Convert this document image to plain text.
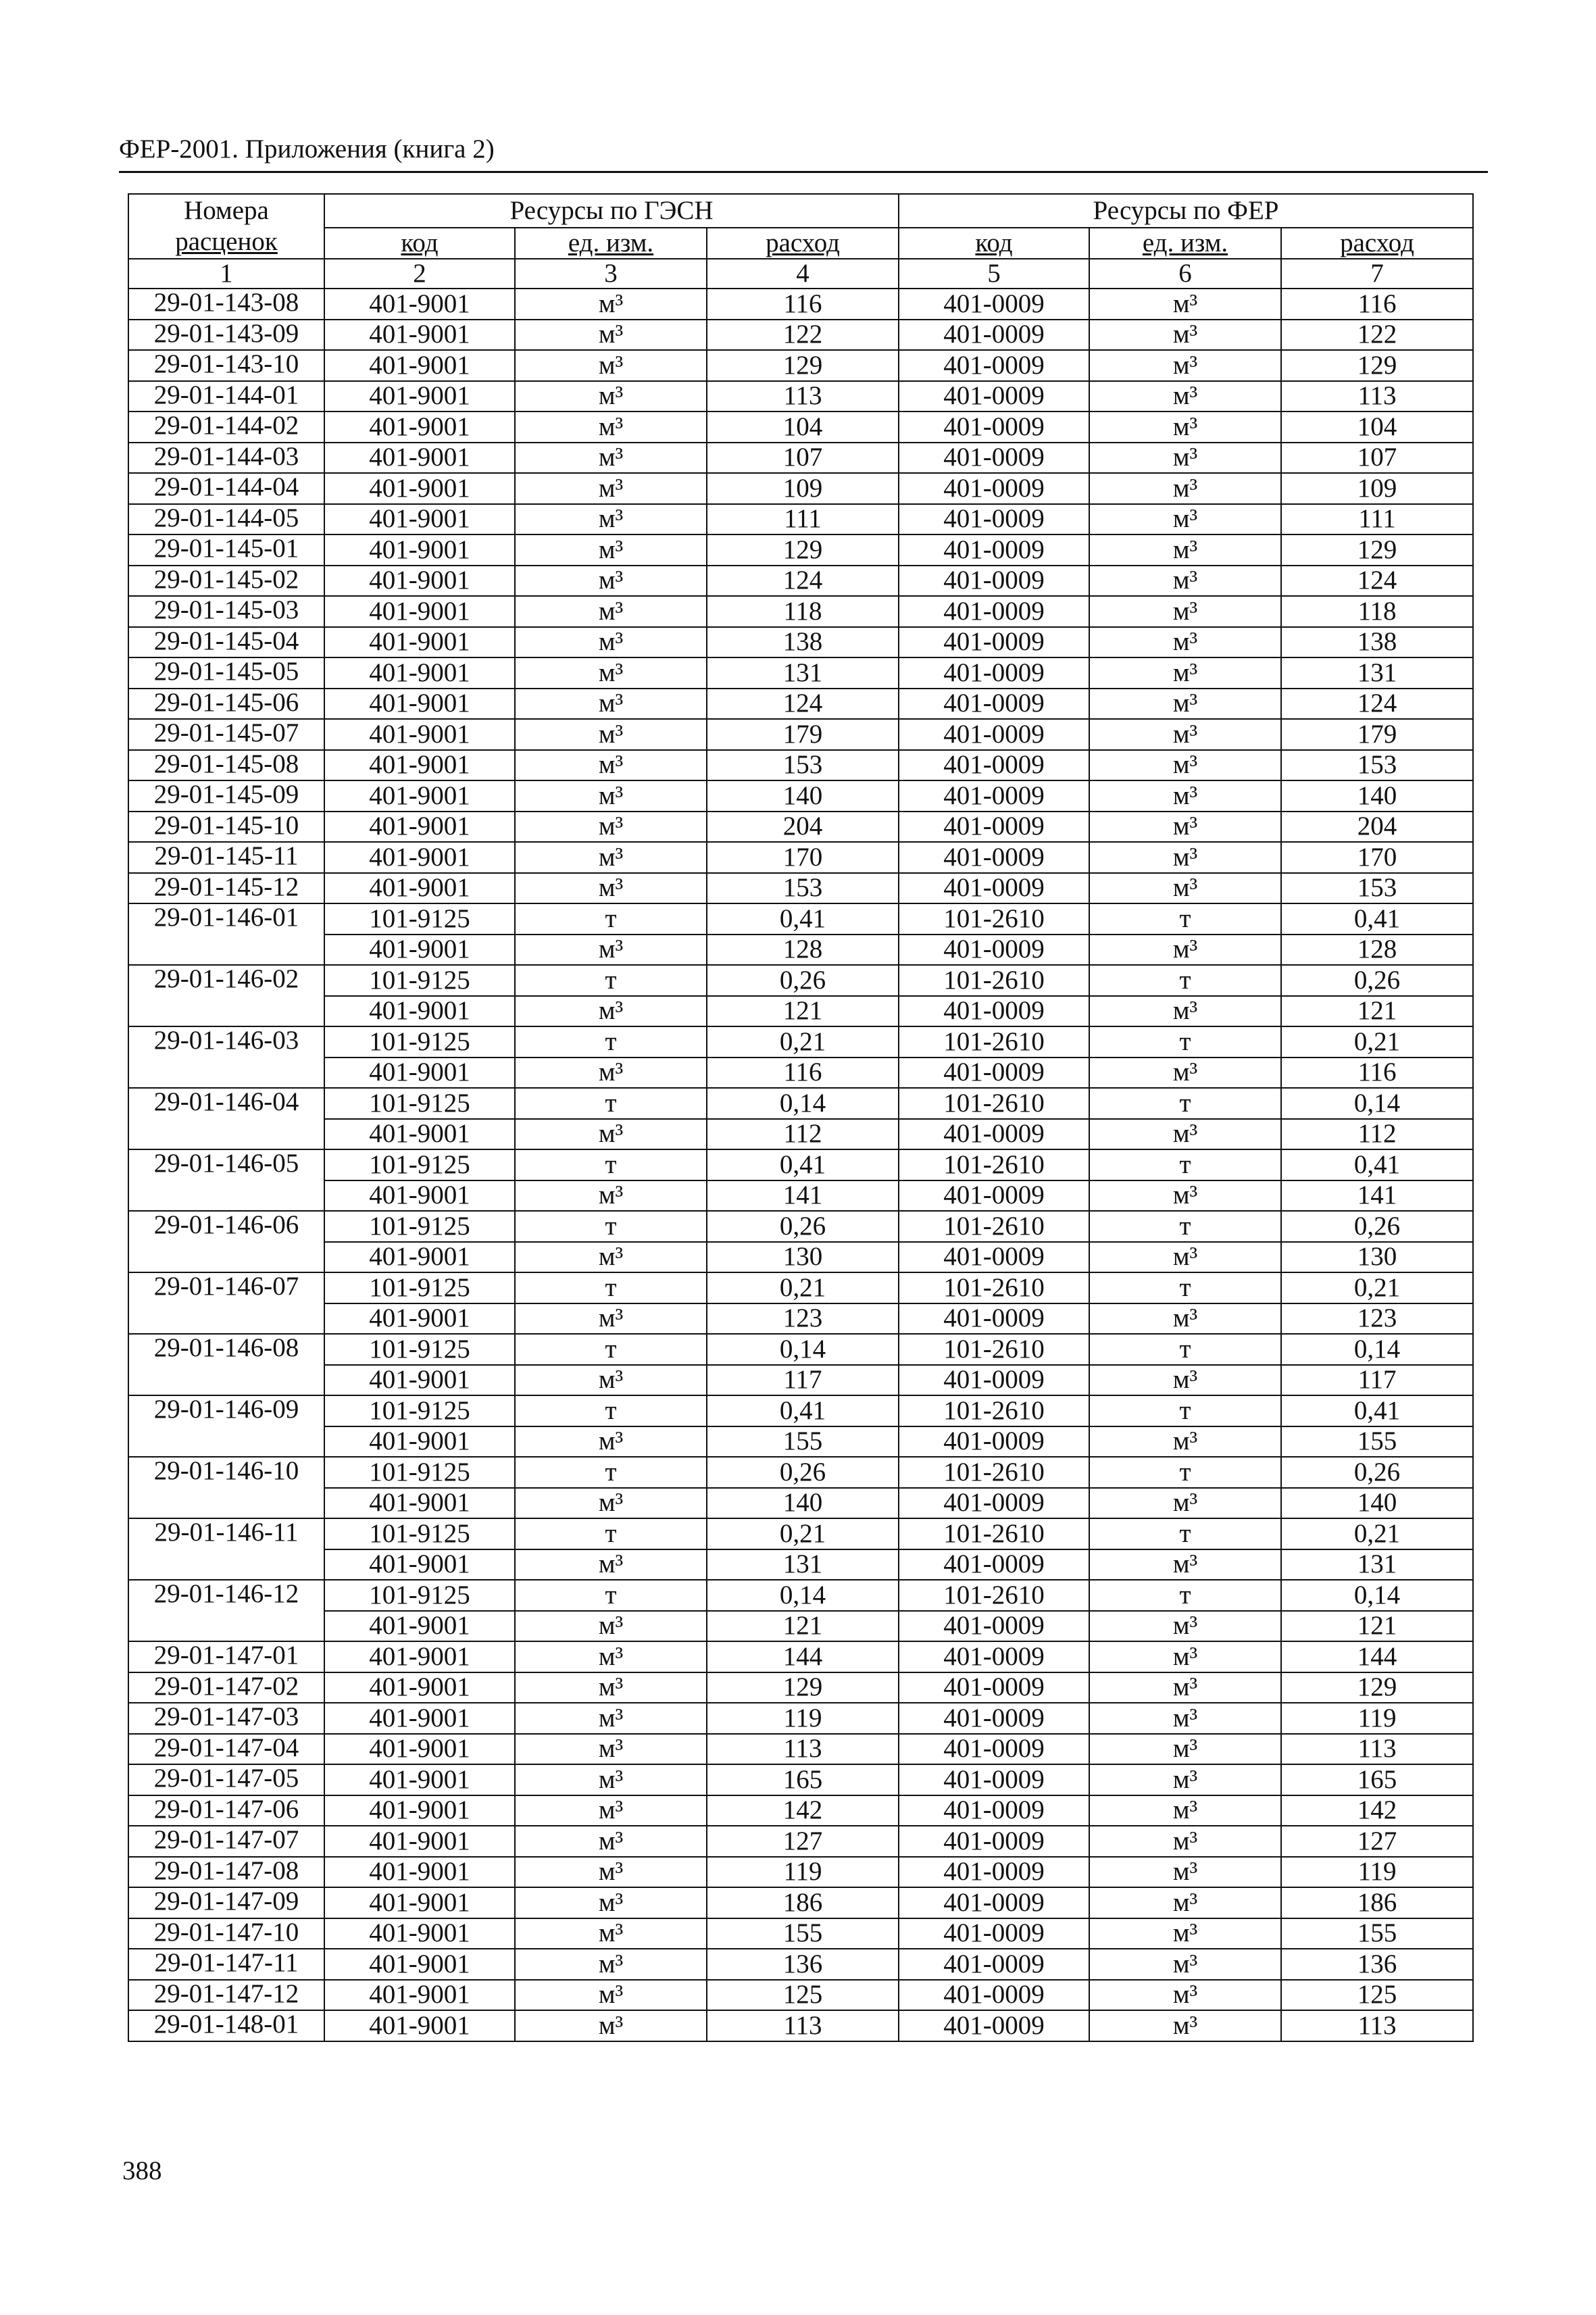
ФЕР-2001. Приложения (книга 2)
Номера
расценок	Ресурсы по ГЭСН			Ресурсы по ФЕР		
	код	ед. изм.	расход	код	ед. изм.	расход
1	2	3	4	5	6	7
29-01-143-08	401-9001	м³	116	401-0009	м³	116
29-01-143-09	401-9001	м³	122	401-0009	м³	122
29-01-143-10	401-9001	м³	129	401-0009	м³	129
29-01-144-01	401-9001	м³	113	401-0009	м³	113
29-01-144-02	401-9001	м³	104	401-0009	м³	104
29-01-144-03	401-9001	м³	107	401-0009	м³	107
29-01-144-04	401-9001	м³	109	401-0009	м³	109
29-01-144-05	401-9001	м³	111	401-0009	м³	111
29-01-145-01	401-9001	м³	129	401-0009	м³	129
29-01-145-02	401-9001	м³	124	401-0009	м³	124
29-01-145-03	401-9001	м³	118	401-0009	м³	118
29-01-145-04	401-9001	м³	138	401-0009	м³	138
29-01-145-05	401-9001	м³	131	401-0009	м³	131
29-01-145-06	401-9001	м³	124	401-0009	м³	124
29-01-145-07	401-9001	м³	179	401-0009	м³	179
29-01-145-08	401-9001	м³	153	401-0009	м³	153
29-01-145-09	401-9001	м³	140	401-0009	м³	140
29-01-145-10	401-9001	м³	204	401-0009	м³	204
29-01-145-11	401-9001	м³	170	401-0009	м³	170
29-01-145-12	401-9001	м³	153	401-0009	м³	153
29-01-146-01	101-9125	т	0,41	101-2610	т	0,41
	401-9001	м³	128	401-0009	м³	128
29-01-146-02	101-9125	т	0,26	101-2610	т	0,26
	401-9001	м³	121	401-0009	м³	121
29-01-146-03	101-9125	т	0,21	101-2610	т	0,21
	401-9001	м³	116	401-0009	м³	116
29-01-146-04	101-9125	т	0,14	101-2610	т	0,14
	401-9001	м³	112	401-0009	м³	112
29-01-146-05	101-9125	т	0,41	101-2610	т	0,41
	401-9001	м³	141	401-0009	м³	141
29-01-146-06	101-9125	т	0,26	101-2610	т	0,26
	401-9001	м³	130	401-0009	м³	130
29-01-146-07	101-9125	т	0,21	101-2610	т	0,21
	401-9001	м³	123	401-0009	м³	123
29-01-146-08	101-9125	т	0,14	101-2610	т	0,14
	401-9001	м³	117	401-0009	м³	117
29-01-146-09	101-9125	т	0,41	101-2610	т	0,41
	401-9001	м³	155	401-0009	м³	155
29-01-146-10	101-9125	т	0,26	101-2610	т	0,26
	401-9001	м³	140	401-0009	м³	140
29-01-146-11	101-9125	т	0,21	101-2610	т	0,21
	401-9001	м³	131	401-0009	м³	131
29-01-146-12	101-9125	т	0,14	101-2610	т	0,14
	401-9001	м³	121	401-0009	м³	121
29-01-147-01	401-9001	м³	144	401-0009	м³	144
29-01-147-02	401-9001	м³	129	401-0009	м³	129
29-01-147-03	401-9001	м³	119	401-0009	м³	119
29-01-147-04	401-9001	м³	113	401-0009	м³	113
29-01-147-05	401-9001	м³	165	401-0009	м³	165
29-01-147-06	401-9001	м³	142	401-0009	м³	142
29-01-147-07	401-9001	м³	127	401-0009	м³	127
29-01-147-08	401-9001	м³	119	401-0009	м³	119
29-01-147-09	401-9001	м³	186	401-0009	м³	186
29-01-147-10	401-9001	м³	155	401-0009	м³	155
29-01-147-11	401-9001	м³	136	401-0009	м³	136
29-01-147-12	401-9001	м³	125	401-0009	м³	125
29-01-148-01	401-9001	м³	113	401-0009	м³	113
388
